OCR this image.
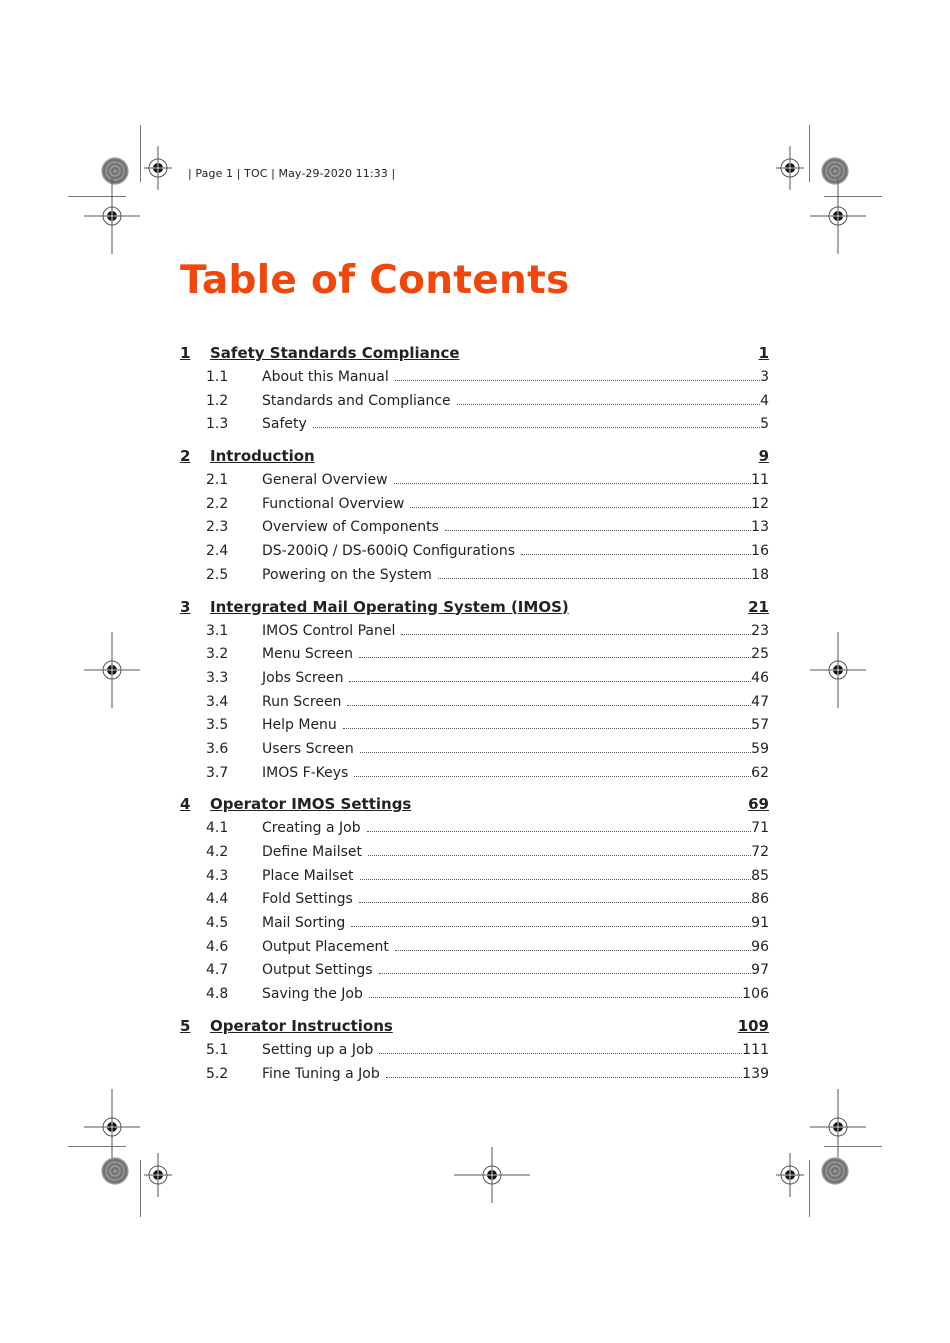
| Page 1 | TOC | May-29-2020 11:33 |
Table of Contents
1 Safety Standards Compliance	1
1.1 About this Manual	3
1.2 Standards and Compliance	4
1.3 Safety	5
2 Introduction	9
2.1 General Overview	11
2.2 Functional Overview	12
2.3 Overview of Components	13
2.4 DS-200iQ / DS-600iQ Configurations	16
2.5 Powering on the System	18
3 Intergrated Mail Operating System (IMOS)	21
3.1 IMOS Control Panel	23
3.2 Menu Screen	25
3.3 Jobs Screen	46
3.4 Run Screen	47
3.5 Help Menu	57
3.6 Users Screen	59
3.7 IMOS F-Keys	62
4 Operator IMOS Settings	69
4.1 Creating a Job	71
4.2 Define Mailset	72
4.3 Place Mailset	85
4.4 Fold Settings	86
4.5 Mail Sorting	91
4.6 Output Placement	96
4.7 Output Settings	97
4.8 Saving the Job	106
5 Operator Instructions	109
5.1 Setting up a Job	111
5.2 Fine Tuning a Job	139
